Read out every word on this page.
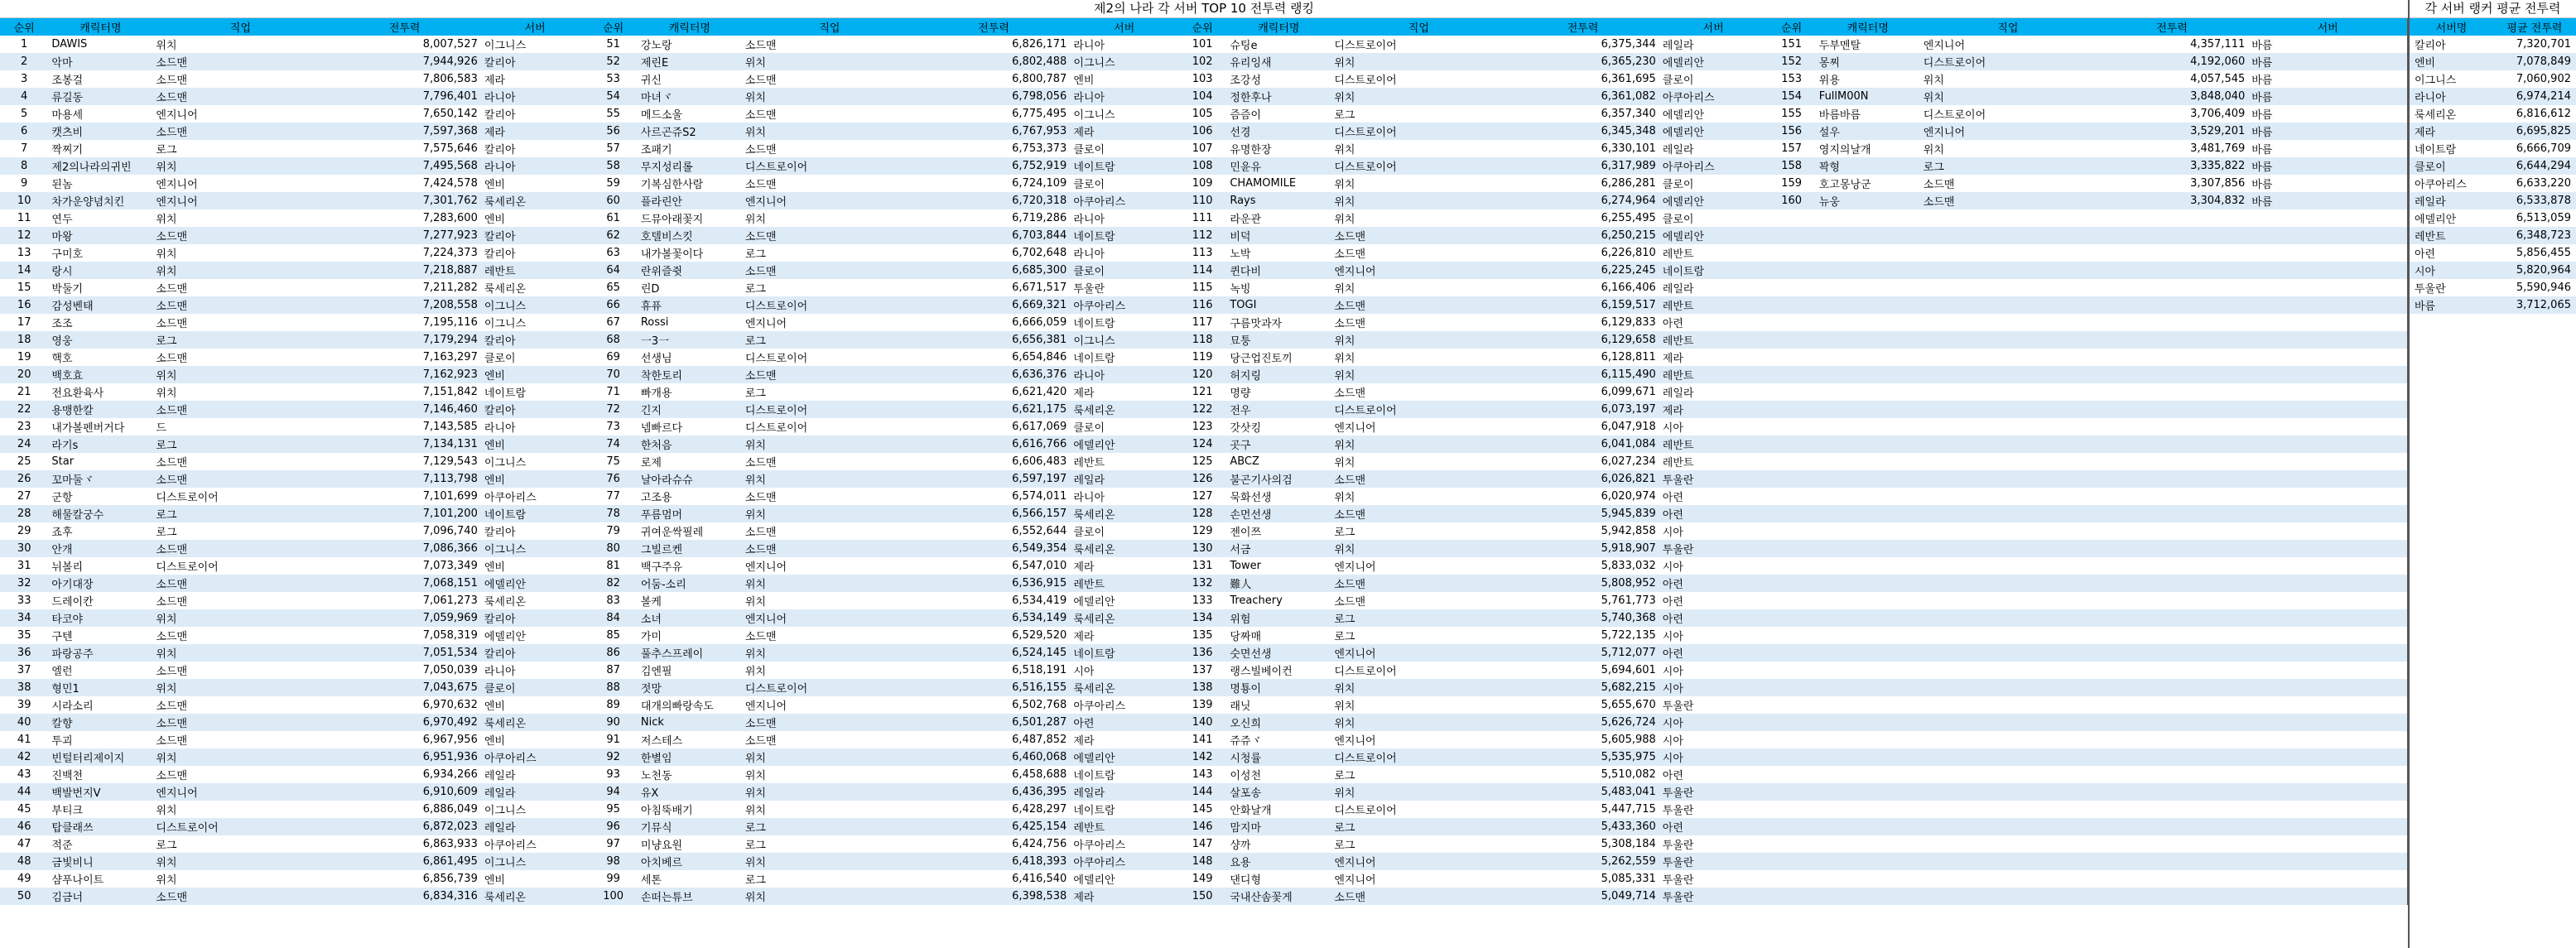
제2의 나라 각 서버 TOP 10 전투력 랭킹
순위	캐릭터명	직업	전투력	서버	순위	캐릭터명	직업	전투력	서버	순위	캐릭터명	직업	전투력	서버	순위	캐릭터명	직업	전투력	서버
1	DAWIS	위치	8,007,527	이그니스	51	강노랑	소드맨	6,826,171	라니아	101	슈팅e	디스트로이어	6,375,344	레일라	151	두부멘탈	엔지니어	4,357,111	바름
2	악마	소드맨	7,944,926	칼리아	52	제린E	위치	6,802,488	이그니스	102	유리잉새	위치	6,365,230	에델리안	152	몽찌	디스트로이어	4,192,060	바름
3	조봉걸	소드맨	7,806,583	제라	53	귀신	소드맨	6,800,787	엔비	103	조강성	디스트로이어	6,361,695	클로이	153	위용	위치	4,057,545	바름
4	류길동	소드맨	7,796,401	라니아	54	마녀ヾ	위치	6,798,056	라니아	104	정한후나	위치	6,361,082	아쿠아리스	154	FullM00N	위치	3,848,040	바름
5	마용세	엔지니어	7,650,142	칼리아	55	메드소울	소드맨	6,775,495	이그니스	105	즘즘이	로그	6,357,340	에델리안	155	바름바름	디스트로이어	3,706,409	바름
6	캣츠비	소드맨	7,597,368	제라	56	사르곤쥬S2	위치	6,767,953	제라	106	선경	디스트로이어	6,345,348	에델리안	156	설우	엔지니어	3,529,201	바름
7	짝찌기	로그	7,575,646	칼리아	57	조패기	소드맨	6,753,373	클로이	107	유명한장	위치	6,330,101	레일라	157	영지의날개	위치	3,481,769	바름
8	제2의나라의귀빈	위치	7,495,568	라니아	58	무지성리롤	디스트로이어	6,752,919	네이트람	108	민윤유	디스트로이어	6,317,989	아쿠아리스	158	꽉형	로그	3,335,822	바름
9	된놈	엔지니어	7,424,578	엔비	59	기복심한사람	소드맨	6,724,109	클로이	109	CHAMOMILE	위치	6,286,281	클로이	159	호고몽낭군	소드맨	3,307,856	바름
10	차가운양념치킨	엔지니어	7,301,762	룩세리온	60	플라린안	엔지니어	6,720,318	아쿠아리스	110	Rays	위치	6,274,964	에델리안	160	뉴웅	소드맨	3,304,832	바름
11	연두	위치	7,283,600	엔비	61	드뮤아래꽃지	위치	6,719,286	라니아	111	라운관	위치	6,255,495	클로이					
12	마왕	소드맨	7,277,923	칼리아	62	호텔비스킷	소드맨	6,703,844	네이트람	112	비덕	소드맨	6,250,215	에델리안					
13	구미호	위치	7,224,373	칼리아	63	내가볼꽃이다	로그	6,702,648	라니아	113	노박	소드맨	6,226,810	레반트					
14	랑시	위치	7,218,887	레반트	64	란위즐쥣	소드맨	6,685,300	클로이	114	퀸다비	엔지니어	6,225,245	네이트람					
15	박둘기	소드맨	7,211,282	룩세리온	65	린D	로그	6,671,517	투울란	115	녹빙	위치	6,166,406	레일라					
16	감성벤태	소드맨	7,208,558	이그니스	66	휴퓨	디스트로이어	6,669,321	아쿠아리스	116	TOGI	소드맨	6,159,517	레반트					
17	조조	소드맨	7,195,116	이그니스	67	Rossi	엔지니어	6,666,059	네이트람	117	구름맛과자	소드맨	6,129,833	아련					
18	영웅	로그	7,179,294	칼리아	68	一3一	로그	6,656,381	이그니스	118	묘퉁	위치	6,129,658	레반트					
19	핵호	소드맨	7,163,297	클로이	69	선생님	디스트로이어	6,654,846	네이트람	119	당근업진토끼	위치	6,128,811	제라					
20	백호효	위치	7,162,923	엔비	70	착한토리	소드맨	6,636,376	라니아	120	허지링	위치	6,115,490	레반트					
21	전요환육사	위치	7,151,842	네이트람	71	빠개용	로그	6,621,420	제라	121	명량	소드맨	6,099,671	레일라					
22	용맹한칼	소드맨	7,146,460	칼리아	72	긴지	디스트로이어	6,621,175	룩세리온	122	전우	디스트로이어	6,073,197	제라					
23	내가볼펜버거다	드	7,143,585	라니아	73	넴빠르다	디스트로이어	6,617,069	클로이	123	갓삿킹	엔지니어	6,047,918	시아					
24	라기s	로그	7,134,131	엔비	74	한처음	위치	6,616,766	에델리안	124	곳구	위치	6,041,084	레반트					
25	Star	소드맨	7,129,543	이그니스	75	로제	소드맨	6,606,483	레반트	125	ABCZ	위치	6,027,234	레반트					
26	꼬마둘ヾ	소드맨	7,113,798	엔비	76	날아라슈슈	위치	6,597,197	레일라	126	불곤기사의검	소드맨	6,026,821	투울란					
27	군항	디스트로이어	7,101,699	아쿠아리스	77	고조용	소드맨	6,574,011	라니아	127	묵화선생	위치	6,020,974	아련					
28	해물칼궁수	로그	7,101,200	네이트람	78	푸름멈머	위치	6,566,157	룩세리온	128	손먼선생	소드맨	5,945,839	아련					
29	죠후	로그	7,096,740	칼리아	79	귀여운싹필레	소드맨	6,552,644	클로이	129	젠이쯔	로그	5,942,858	시아					
30	안개	소드맨	7,086,366	이그니스	80	그빌르켄	소드맨	6,549,354	룩세리온	130	서금	위치	5,918,907	투울란					
31	뉘볼리	디스트로이어	7,073,349	엔비	81	백구주유	엔지니어	6,547,010	제라	131	Tower	엔지니어	5,833,032	시아					
32	아기대장	소드맨	7,068,151	에델리안	82	어둠-소리	위치	6,536,915	레반트	132	難人	소드맨	5,808,952	아련					
33	드레이칸	소드맨	7,061,273	룩세리온	83	볼케	위치	6,534,419	에델리안	133	Treachery	소드맨	5,761,773	아련					
34	타코야	위치	7,059,969	칼리아	84	소녀	엔지니어	6,534,149	룩세리온	134	위험	로그	5,740,368	아련					
35	구텐	소드맨	7,058,319	에델리안	85	가미	소드맨	6,529,520	제라	135	당짜매	로그	5,722,135	시아					
36	파랑공주	위치	7,051,534	칼리아	86	풀추스프레이	위치	6,524,145	네이트람	136	숫면선생	엔지니어	5,712,077	아련					
37	엘런	소드맨	7,050,039	라니아	87	김엔필	위치	6,518,191	시아	137	랭스빌베이컨	디스트로이어	5,694,601	시아					
38	형민1	위치	7,043,675	클로이	88	젓망	디스트로이어	6,516,155	룩세리온	138	명툥이	위치	5,682,215	시아					
39	시라소리	소드맨	6,970,632	엔비	89	대개의빠랑속도	엔지니어	6,502,768	아쿠아리스	139	래닛	위치	5,655,670	투울란					
40	칼향	소드맨	6,970,492	룩세리온	90	Nick	소드맨	6,501,287	아련	140	오신희	위치	5,626,724	시아					
41	투괴	소드맨	6,967,956	엔비	91	저스테스	소드맨	6,487,852	제라	141	쥬쥬ヾ	엔지니어	5,605,988	시아					
42	빈털터리제이지	위치	6,951,936	아쿠아리스	92	한별임	위치	6,460,068	에델리안	142	시청률	디스트로이어	5,535,975	시아					
43	진백천	소드맨	6,934,266	레일라	93	노천동	위치	6,458,688	네이트람	143	이성천	로그	5,510,082	아련					
44	백발번지V	엔지니어	6,910,609	레일라	94	유X	위치	6,436,395	레일라	144	살포송	위치	5,483,041	투울란					
45	부티크	위치	6,886,049	이그니스	95	아침뚝배기	위치	6,428,297	네이트람	145	안화날개	디스트로이어	5,447,715	투울란					
46	탑클래쓰	디스트로이어	6,872,023	레일라	96	기뮤식	로그	6,425,154	레반트	146	맘지마	로그	5,433,360	아련					
47	적준	로그	6,863,933	아쿠아리스	97	미냥요원	로그	6,424,756	아쿠아리스	147	샹까	로그	5,308,184	투울란					
48	금빛비니	위치	6,861,495	이그니스	98	아치베르	위치	6,418,393	아쿠아리스	148	요용	엔지니어	5,262,559	투울란					
49	샴푸나이트	위치	6,856,739	엔비	99	세톤	로그	6,416,540	에델리안	149	댄디형	엔지니어	5,085,331	투울란					
50	김금너	소드맨	6,834,316	룩세리온	100	손떠는튜브	위치	6,398,538	제라	150	국내산솜꽃게	소드맨	5,049,714	투울란					
각 서버 랭커 평균 전투력
서버명	평균 전투력
칼리아	7,320,701
엔비	7,078,849
이그니스	7,060,902
라니아	6,974,214
룩세리온	6,816,612
제라	6,695,825
네이트람	6,666,709
클로이	6,644,294
아쿠아리스	6,633,220
레일라	6,533,878
에델리안	6,513,059
레반트	6,348,723
아련	5,856,455
시아	5,820,964
투울란	5,590,946
바름	3,712,065
